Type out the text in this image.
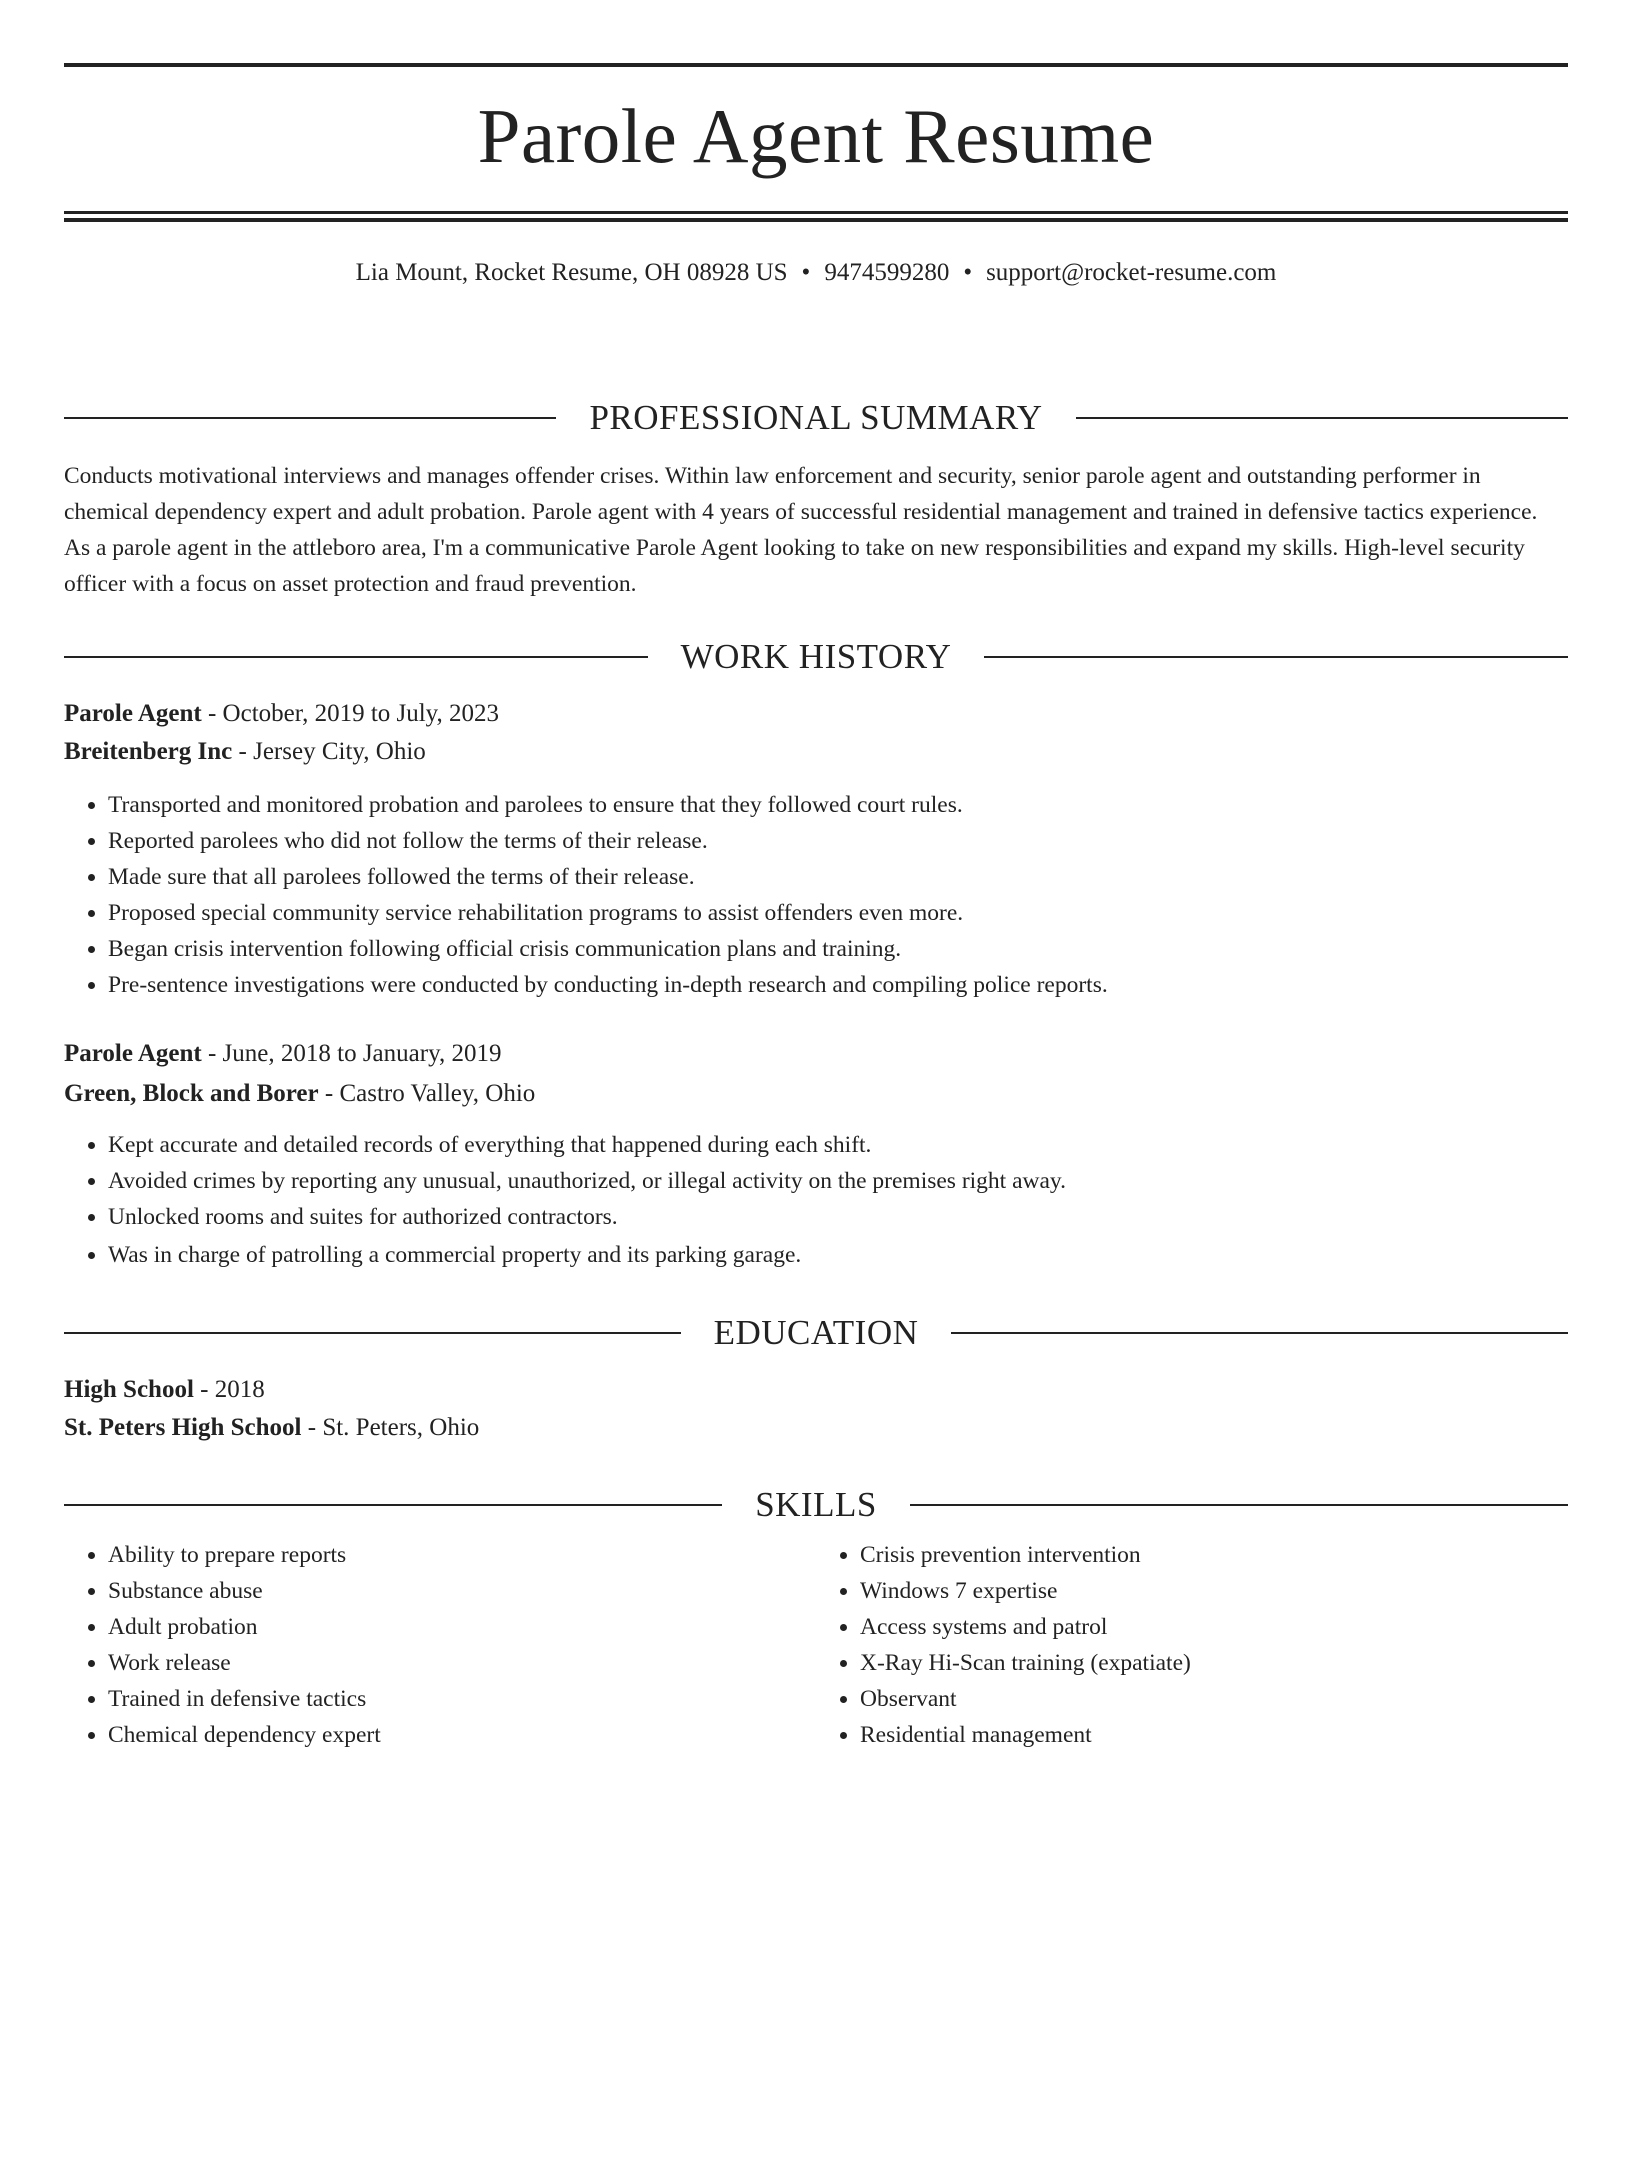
Parole Agent Resume
Lia Mount, Rocket Resume, OH 08928 US • 9474599280 • support@rocket-resume.com
PROFESSIONAL SUMMARY

Conducts motivational interviews and manages offender crises. Within law enforcement and security, senior parole agent and outstanding performer in chemical dependency expert and adult probation. Parole agent with 4 years of successful residential management and trained in defensive tactics experience. As a parole agent in the attleboro area, I'm a communicative Parole Agent looking to take on new responsibilities and expand my skills. High-level security officer with a focus on asset protection and fraud prevention.

WORK HISTORY
Parole Agent - October, 2019 to July, 2023
Breitenberg Inc - Jersey City, Ohio
• Transported and monitored probation and parolees to ensure that they followed court rules.
• Reported parolees who did not follow the terms of their release.
• Made sure that all parolees followed the terms of their release.
• Proposed special community service rehabilitation programs to assist offenders even more.
• Began crisis intervention following official crisis communication plans and training.
• Pre-sentence investigations were conducted by conducting in-depth research and compiling police reports.
Parole Agent - June, 2018 to January, 2019
Green, Block and Borer - Castro Valley, Ohio
• Kept accurate and detailed records of everything that happened during each shift.
• Avoided crimes by reporting any unusual, unauthorized, or illegal activity on the premises right away.
• Unlocked rooms and suites for authorized contractors.
• Was in charge of patrolling a commercial property and its parking garage.
EDUCATION
High School - 2018
St. Peters High School - St. Peters, Ohio
SKILLS
• Ability to prepare reports
• Substance abuse
• Adult probation
• Work release
• Trained in defensive tactics
• Chemical dependency expert
• Crisis prevention intervention
• Windows 7 expertise
• Access systems and patrol
• X-Ray Hi-Scan training (expatiate)
• Observant
• Residential management
